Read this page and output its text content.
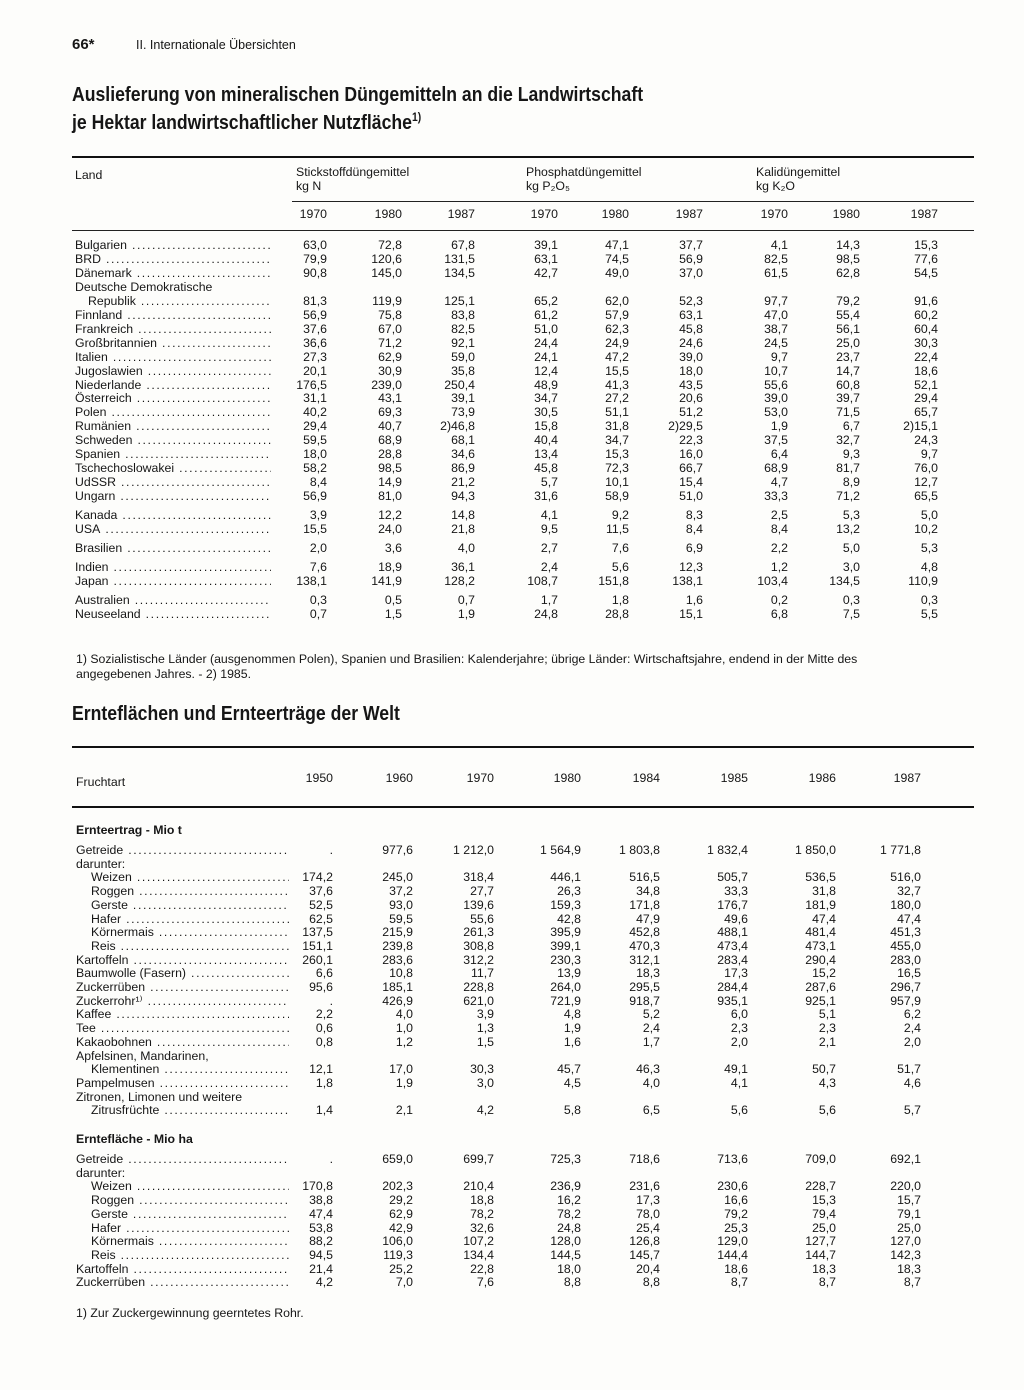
66*	II. Internationale Übersichten
Auslieferung von mineralischen Düngemitteln an die Landwirtschaft
je Hektar landwirtschaftlicher Nutzfläche$^{1)}$
Land	Stickstoffdüngemittel
kg N
Phosphatdüngemittel
kg P₂O₅
Kalidüngemittel
kg K₂O
1970	1980	1987	1970	1980	1987	1970	1980	1987
Bulgarien .....	63,0	72,8	67,8	39,1	47,1	37,7	4,1	14,3	15,3
BRD .....	79,9	120,6	131,5	63,1	74,5	56,9	82,5	98,5	77,6
Dänemark .....	90,8	145,0	134,5	42,7	49,0	37,0	61,5	62,8	54,5
Deutsche Demokratische
Republik .....	81,3	119,9	125,1	65,2	62,0	52,3	97,7	79,2	91,6
Finnland .....	56,9	75,8	83,8	61,2	57,9	63,1	47,0	55,4	60,2
Frankreich .....	37,6	67,0	82,5	51,0	62,3	45,8	38,7	56,1	60,4
Großbritannien .....	36,6	71,2	92,1	24,4	24,9	24,6	24,5	25,0	30,3
Italien .....	27,3	62,9	59,0	24,1	47,2	39,0	9,7	23,7	22,4
Jugoslawien .....	20,1	30,9	35,8	12,4	15,5	18,0	10,7	14,7	18,6
Niederlande .....	176,5	239,0	250,4	48,9	41,3	43,5	55,6	60,8	52,1
Österreich .....	31,1	43,1	39,1	34,7	27,2	20,6	39,0	39,7	29,4
Polen .....	40,2	69,3	73,9	30,5	51,1	51,2	53,0	71,5	65,7
Rumänien .....	29,4	40,7	2)46,8	15,8	31,8	2)29,5	1,9	6,7	2)15,1
Schweden .....	59,5	68,9	68,1	40,4	34,7	22,3	37,5	32,7	24,3
Spanien .....	18,0	28,8	34,6	13,4	15,3	16,0	6,4	9,3	9,7
Tschechoslowakei .....	58,2	98,5	86,9	45,8	72,3	66,7	68,9	81,7	76,0
UdSSR .....	8,4	14,9	21,2	5,7	10,1	15,4	4,7	8,9	12,7
Ungarn .....	56,9	81,0	94,3	31,6	58,9	51,0	33,3	71,2	65,5
Kanada .....	3,9	12,2	14,8	4,1	9,2	8,3	2,5	5,3	5,0
USA .....	15,5	24,0	21,8	9,5	11,5	8,4	8,4	13,2	10,2
Brasilien .....	2,0	3,6	4,0	2,7	7,6	6,9	2,2	5,0	5,3
Indien .....	7,6	18,9	36,1	2,4	5,6	12,3	1,2	3,0	4,8
Japan .....	138,1	141,9	128,2	108,7	151,8	138,1	103,4	134,5	110,9
Australien .....	0,3	0,5	0,7	1,7	1,8	1,6	0,2	0,3	0,3
Neuseeland .....	0,7	1,5	1,9	24,8	28,8	15,1	6,8	7,5	5,5
1) Sozialistische Länder (ausgenommen Polen), Spanien und Brasilien: Kalenderjahre; übrige Länder: Wirtschaftsjahre, endend in der Mitte des
angegebenen Jahres. - 2) 1985.
Ernteflächen und Ernteerträge der Welt
Fruchtart	1950	1960	1970	1980	1984	1985	1986	1987
Ernteertrag - Mio t
Getreide .....	.	977,6	1 212,0	1 564,9	1 803,8	1 832,4	1 850,0	1 771,8
darunter:
Weizen .....	174,2	245,0	318,4	446,1	516,5	505,7	536,5	516,0
Roggen .....	37,6	37,2	27,7	26,3	34,8	33,3	31,8	32,7
Gerste .....	52,5	93,0	139,6	159,3	171,8	176,7	181,9	180,0
Hafer .....	62,5	59,5	55,6	42,8	47,9	49,6	47,4	47,4
Körnermais .....	137,5	215,9	261,3	395,9	452,8	488,1	481,4	451,3
Reis .....	151,1	239,8	308,8	399,1	470,3	473,4	473,1	455,0
Kartoffeln .....	260,1	283,6	312,2	230,3	312,1	283,4	290,4	283,0
Baumwolle (Fasern) .....	6,6	10,8	11,7	13,9	18,3	17,3	15,2	16,5
Zuckerrüben .....	95,6	185,1	228,8	264,0	295,5	284,4	287,6	296,7
Zuckerrohr¹⁾ .....	.	426,9	621,0	721,9	918,7	935,1	925,1	957,9
Kaffee .....	2,2	4,0	3,9	4,8	5,2	6,0	5,1	6,2
Tee .....	0,6	1,0	1,3	1,9	2,4	2,3	2,3	2,4
Kakaobohnen .....	0,8	1,2	1,5	1,6	1,7	2,0	2,1	2,0
Apfelsinen, Mandarinen,
Klementinen .....	12,1	17,0	30,3	45,7	46,3	49,1	50,7	51,7
Pampelmusen .....	1,8	1,9	3,0	4,5	4,0	4,1	4,3	4,6
Zitronen, Limonen und weitere
Zitrusfrüchte .....	1,4	2,1	4,2	5,8	6,5	5,6	5,6	5,7
Erntefläche - Mio ha
Getreide .....	.	659,0	699,7	725,3	718,6	713,6	709,0	692,1
darunter:
Weizen .....	170,8	202,3	210,4	236,9	231,6	230,6	228,7	220,0
Roggen .....	38,8	29,2	18,8	16,2	17,3	16,6	15,3	15,7
Gerste .....	47,4	62,9	78,2	78,2	78,0	79,2	79,4	79,1
Hafer .....	53,8	42,9	32,6	24,8	25,4	25,3	25,0	25,0
Körnermais .....	88,2	106,0	107,2	128,0	126,8	129,0	127,7	127,0
Reis .....	94,5	119,3	134,4	144,5	145,7	144,4	144,7	142,3
Kartoffeln .....	21,4	25,2	22,8	18,0	20,4	18,6	18,3	18,3
Zuckerrüben .....	4,2	7,0	7,6	8,8	8,8	8,7	8,7	8,7
1) Zur Zuckergewinnung geerntetes Rohr.
